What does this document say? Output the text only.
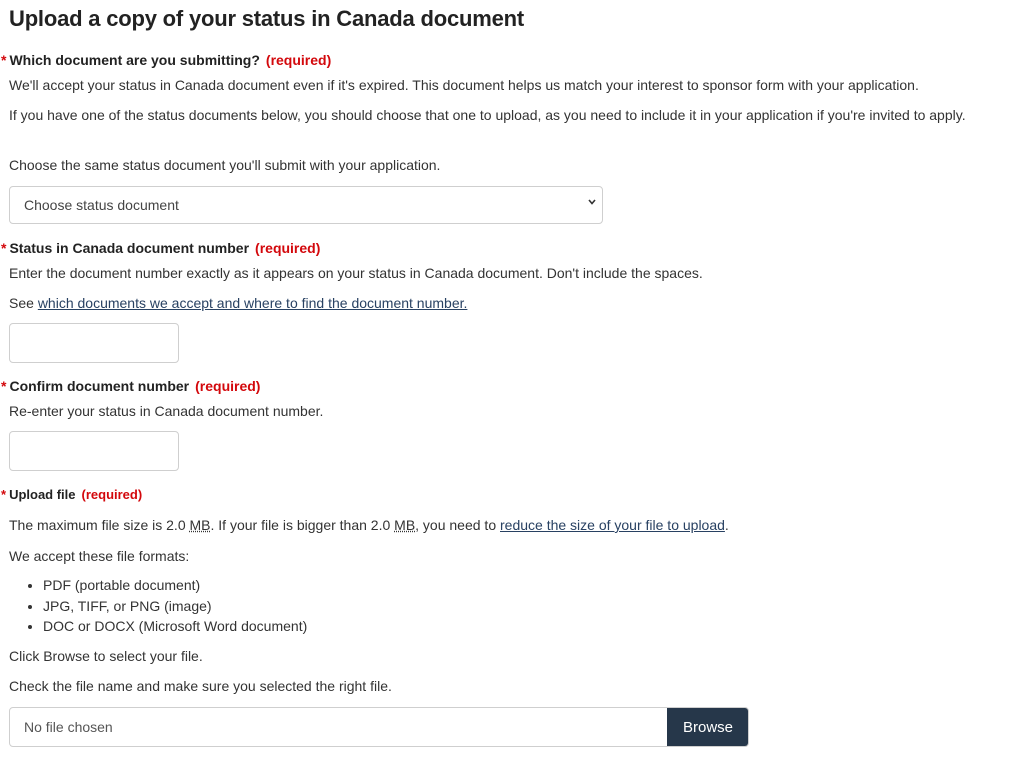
Upload a copy of your status in Canada document
* Which document are you submitting? (required)
We'll accept your status in Canada document even if it's expired. This document helps us match your interest to sponsor form with your application.
If you have one of the status documents below, you should choose that one to upload, as you need to include it in your application if you're invited to apply.
Choose the same status document you'll submit with your application.
Choose status document
* Status in Canada document number (required)
Enter the document number exactly as it appears on your status in Canada document. Don't include the spaces.
See which documents we accept and where to find the document number.
* Confirm document number (required)
Re-enter your status in Canada document number.
* Upload file (required)
The maximum file size is 2.0 MB. If your file is bigger than 2.0 MB, you need to reduce the size of your file to upload.
We accept these file formats:
• PDF (portable document)
• JPG, TIFF, or PNG (image)
• DOC or DOCX (Microsoft Word document)
Click Browse to select your file.
Check the file name and make sure you selected the right file.
No file chosen	Browse
